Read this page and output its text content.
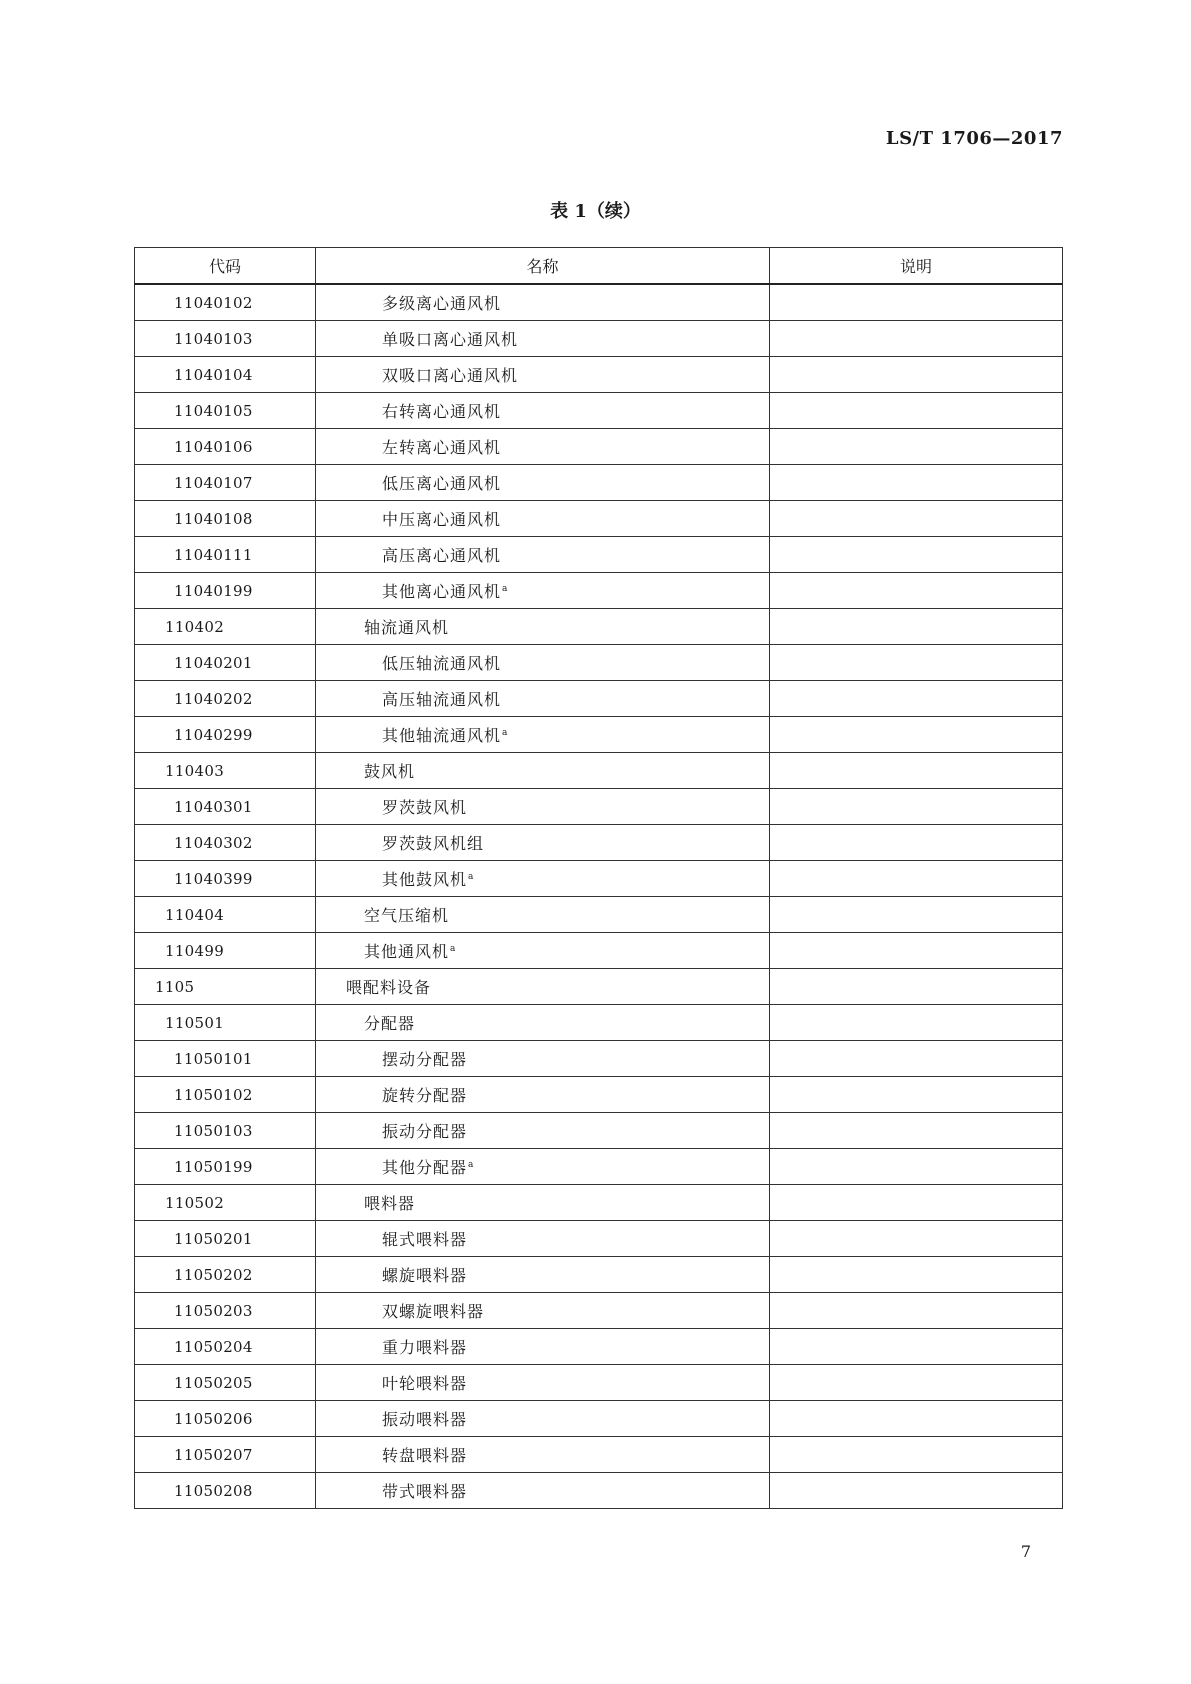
LS/T 1706—2017
表 1（续）
代码	名称	说明
11040102	多级离心通风机	
11040103	单吸口离心通风机	
11040104	双吸口离心通风机	
11040105	右转离心通风机	
11040106	左转离心通风机	
11040107	低压离心通风机	
11040108	中压离心通风机	
11040111	高压离心通风机	
11040199	其他离心通风机$^a$	
110402	轴流通风机	
11040201	低压轴流通风机	
11040202	高压轴流通风机	
11040299	其他轴流通风机$^a$	
110403	鼓风机	
11040301	罗茨鼓风机	
11040302	罗茨鼓风机组	
11040399	其他鼓风机$^a$	
110404	空气压缩机	
110499	其他通风机$^a$	
1105	喂配料设备	
110501	分配器	
11050101	摆动分配器	
11050102	旋转分配器	
11050103	振动分配器	
11050199	其他分配器$^a$	
110502	喂料器	
11050201	辊式喂料器	
11050202	螺旋喂料器	
11050203	双螺旋喂料器	
11050204	重力喂料器	
11050205	叶轮喂料器	
11050206	振动喂料器	
11050207	转盘喂料器	
11050208	带式喂料器	
7
